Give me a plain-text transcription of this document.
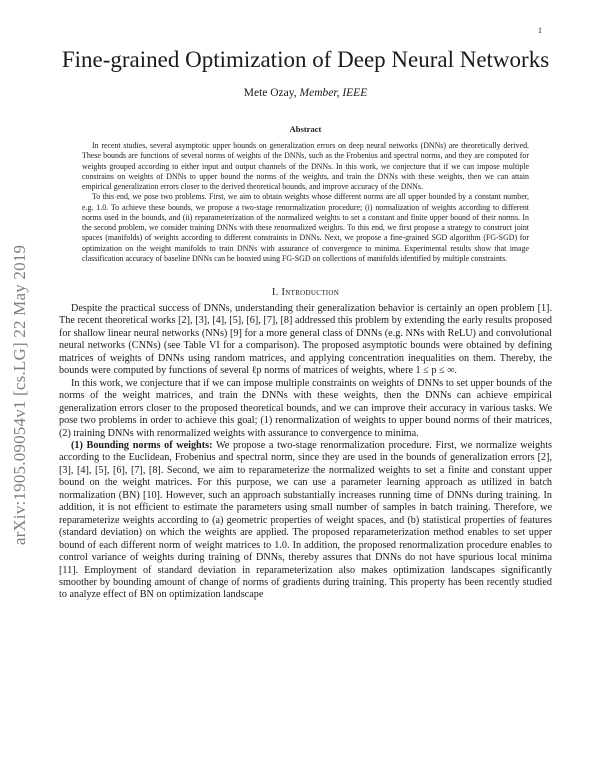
1
arXiv:1905.09054v1 [cs.LG] 22 May 2019
Fine-grained Optimization of Deep Neural Networks
Mete Ozay, Member, IEEE
Abstract

In recent studies, several asymptotic upper bounds on generalization errors on deep neural networks (DNNs) are theoretically derived. These bounds are functions of several norms of weights of the DNNs, such as the Frobenius and spectral norms, and they are computed for weights grouped according to either input and output channels of the DNNs. In this work, we conjecture that if we can impose multiple constrains on weights of DNNs to upper bound the norms of the weights, and train the DNNs with these weights, then we can attain empirical generalization errors closer to the derived theoretical bounds, and improve accuracy of the DNNs.

To this end, we pose two problems. First, we aim to obtain weights whose different norms are all upper bounded by a constant number, e.g. 1.0. To achieve these bounds, we propose a two-stage renormalization procedure; (i) normalization of weights according to different norms used in the bounds, and (ii) reparameterization of the normalized weights to set a constant and finite upper bound of their norms. In the second problem, we consider training DNNs with these renormalized weights. To this end, we first propose a strategy to construct joint spaces (manifolds) of weights according to different constraints in DNNs. Next, we propose a fine-grained SGD algorithm (FG-SGD) for optimization on the weight manifolds to train DNNs with assurance of convergence to minima. Experimental results show that image classification accuracy of baseline DNNs can be boosted using FG-SGD on collections of manifolds identified by multiple constraints.

I. Introduction

Despite the practical success of DNNs, understanding their generalization behavior is certainly an open problem [1]. The recent theoretical works [2], [3], [4], [5], [6], [7], [8] addressed this problem by extending the early results proposed for shallow linear neural networks (NNs) [9] for a more general class of DNNs (e.g. NNs with ReLU) and convolutional neural networks (CNNs) (see Table VI for a comparison). The proposed asymptotic bounds were obtained by defining matrices of weights of DNNs using random matrices, and applying concentration inequalities on them. Thereby, the bounds were computed by functions of several ℓp norms of matrices of weights, where 1 ≤ p ≤ ∞.

In this work, we conjecture that if we can impose multiple constraints on weights of DNNs to set upper bounds of the norms of the weight matrices, and train the DNNs with these weights, then the DNNs can achieve empirical generalization errors closer to the proposed theoretical bounds, and we can improve their accuracy in various tasks. We pose two problems in order to achieve this goal; (1) renormalization of weights to upper bound norms of their matrices, (2) training DNNs with renormalized weights with assurance to convergence to minima.

(1) Bounding norms of weights: We propose a two-stage renormalization procedure. First, we normalize weights according to the Euclidean, Frobenius and spectral norm, since they are used in the bounds of generalization errors [2], [3], [4], [5], [6], [7], [8]. Second, we aim to reparameterize the normalized weights to set a finite and constant upper bound on the weight matrices. For this purpose, we can use a parameter learning approach as utilized in batch normalization (BN) [10]. However, such an approach substantially increases running time of DNNs during training. In addition, it is not efficient to estimate the parameters using small number of samples in batch training. Therefore, we reparameterize weights according to (a) geometric properties of weight spaces, and (b) statistical properties of features (standard deviation) on which the weights are applied. The proposed reparameterization method enables to set upper bound of each different norm of weight matrices to 1.0. In addition, the proposed renormalization procedure enables to control variance of weights during training of DNNs, thereby assures that DNNs do not have spurious local minima [11]. Employment of standard deviation in reparameterization also makes optimization landscapes significantly smoother by bounding amount of change of norms of gradients during training. This property has been recently studied to analyze effect of BN on optimization landscape
